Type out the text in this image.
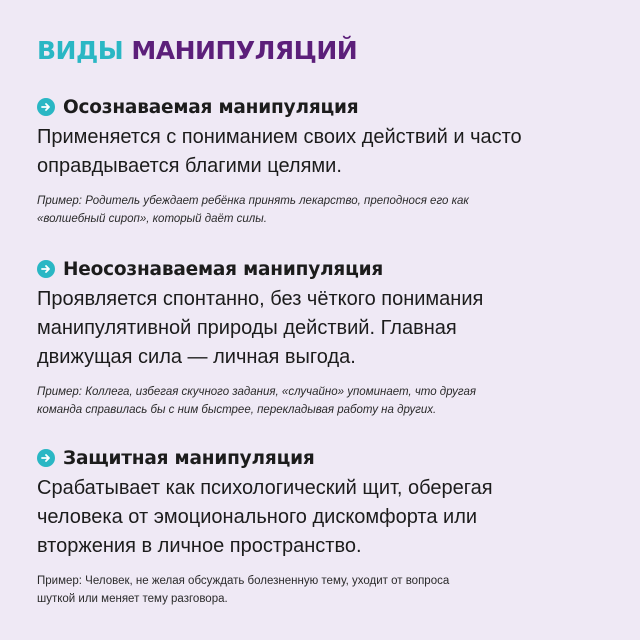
ВИДЫ МАНИПУЛЯЦИЙ
Осознаваемая манипуляция
Применяется с пониманием своих действий и часто
оправдывается благими целями.
Пример: Родитель убеждает ребёнка принять лекарство, преподнося его как
«волшебный сироп», который даёт силы.
Неосознаваемая манипуляция
Проявляется спонтанно, без чёткого понимания
манипулятивной природы действий. Главная
движущая сила — личная выгода.
Пример: Коллега, избегая скучного задания, «случайно» упоминает, что другая
команда справилась бы с ним быстрее, перекладывая работу на других.
Защитная манипуляция
Срабатывает как психологический щит, оберегая
человека от эмоционального дискомфорта или
вторжения в личное пространство.
Пример: Человек, не желая обсуждать болезненную тему, уходит от вопроса
шуткой или меняет тему разговора.
